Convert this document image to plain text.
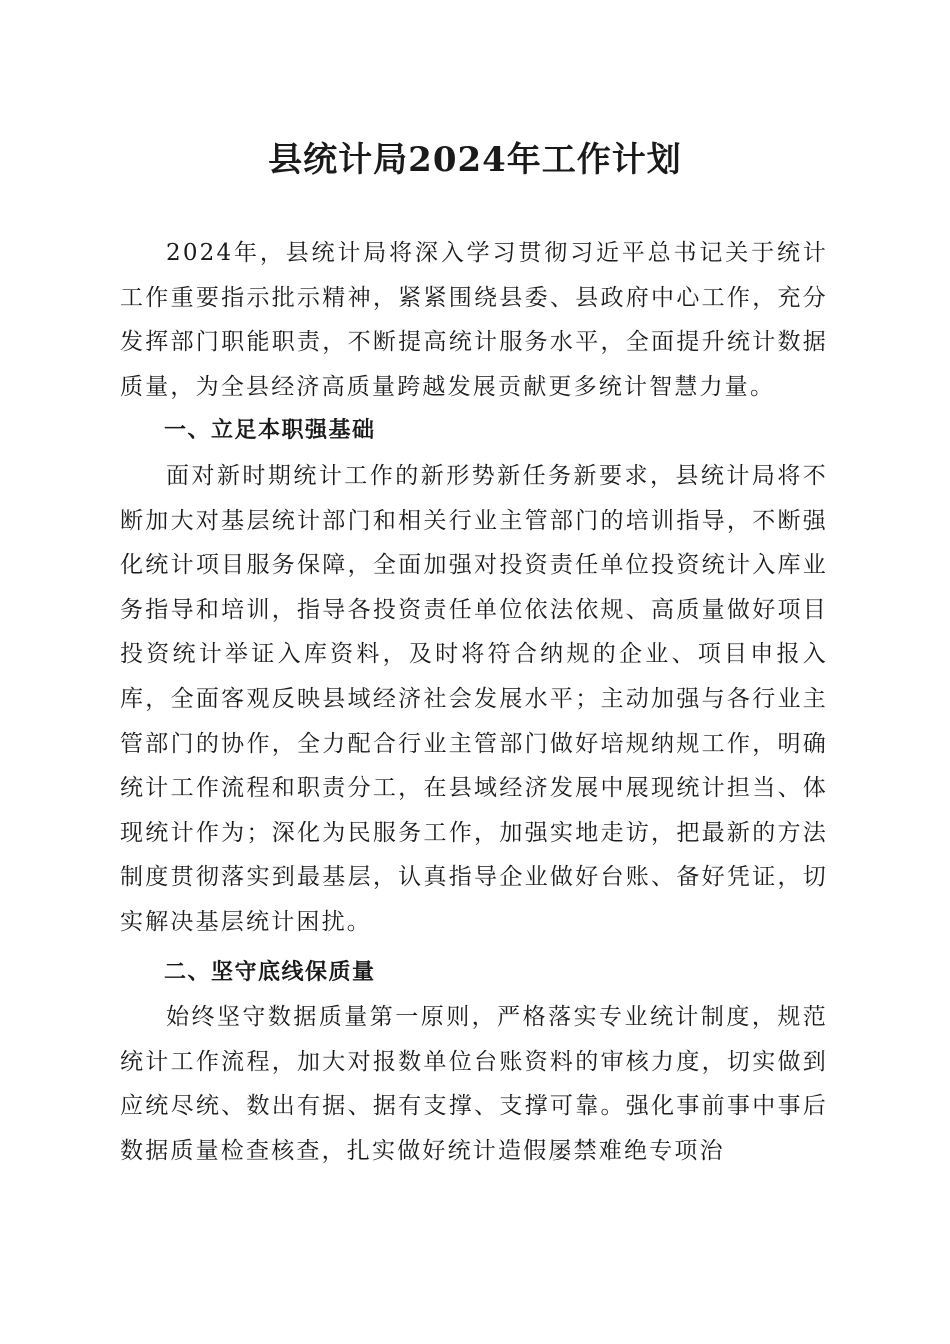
县统计局2024年工作计划

2024年，县统计局将深入学习贯彻习近平总书记关于统计工作重要指示批示精神，紧紧围绕县委、县政府中心工作，充分发挥部门职能职责，不断提高统计服务水平，全面提升统计数据质量，为全县经济高质量跨越发展贡献更多统计智慧力量。

一、立足本职强基础

面对新时期统计工作的新形势新任务新要求，县统计局将不断加大对基层统计部门和相关行业主管部门的培训指导，不断强化统计项目服务保障，全面加强对投资责任单位投资统计入库业务指导和培训，指导各投资责任单位依法依规、高质量做好项目投资统计举证入库资料，及时将符合纳规的企业、项目申报入库，全面客观反映县域经济社会发展水平；主动加强与各行业主管部门的协作，全力配合行业主管部门做好培规纳规工作，明确统计工作流程和职责分工，在县域经济发展中展现统计担当、体现统计作为；深化为民服务工作，加强实地走访，把最新的方法制度贯彻落实到最基层，认真指导企业做好台账、备好凭证，切实解决基层统计困扰。

二、坚守底线保质量

始终坚守数据质量第一原则，严格落实专业统计制度，规范统计工作流程，加大对报数单位台账资料的审核力度，切实做到应统尽统、数出有据、据有支撑、支撑可靠。强化事前事中事后数据质量检查核查，扎实做好统计造假屡禁难绝专项治
